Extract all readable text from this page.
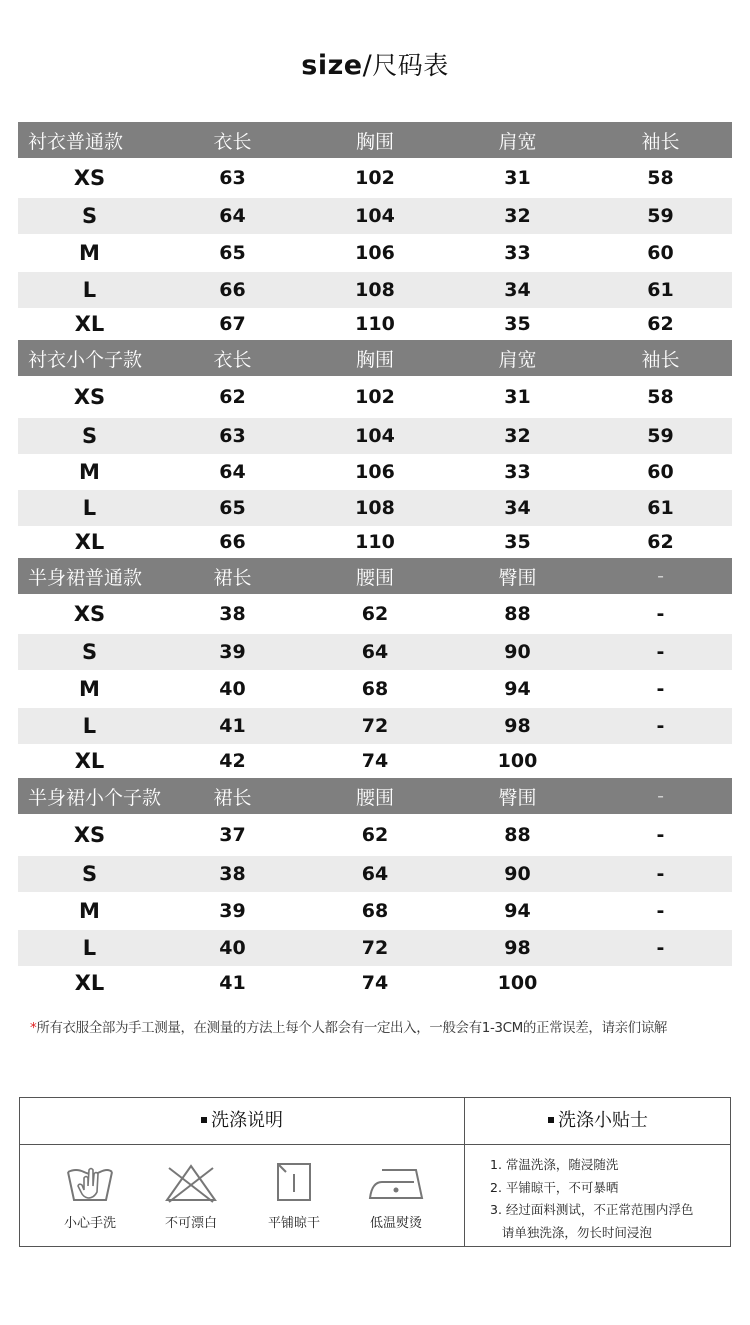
size/尺码表
衬衣普通款	衣长	胸围	肩宽	袖长
XS	63	102	31	58
S	64	104	32	59
M	65	106	33	60
L	66	108	34	61
XL	67	110	35	62
衬衣小个子款	衣长	胸围	肩宽	袖长
XS	62	102	31	58
S	63	104	32	59
M	64	106	33	60
L	65	108	34	61
XL	66	110	35	62
半身裙普通款	裙长	腰围	臀围	-
XS	38	62	88	-
S	39	64	90	-
M	40	68	94	-
L	41	72	98	-
XL	42	74	100
半身裙小个子款	裙长	腰围	臀围	-
XS	37	62	88	-
S	38	64	90	-
M	39	68	94	-
L	40	72	98	-
XL	41	74	100
*所有衣服全部为手工测量，在测量的方法上每个人都会有一定出入，一般会有1-3CM的正常误差，请亲们谅解
洗涤说明	洗涤小贴士
小心手洗	不可漂白	平铺晾干	低温熨烫
1. 常温洗涤，随浸随洗
2. 平铺晾干，不可暴晒
3. 经过面料测试，不正常范围内浮色
请单独洗涤，勿长时间浸泡
